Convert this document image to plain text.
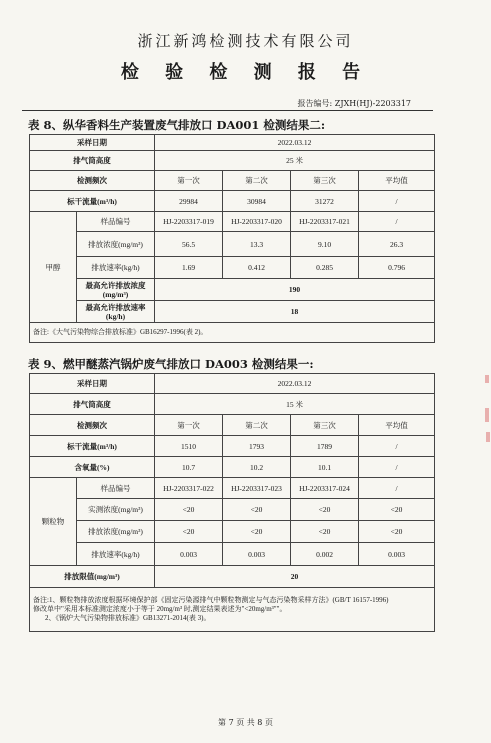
浙江新鸿检测技术有限公司
检 验 检 测 报 告
报告编号: ZJXH(HJ)-2203317
表 8、纵华香料生产装置废气排放口 DA001 检测结果二:
采样日期		2022.03.12			
排气筒高度		25 米			
检测频次		第一次	第二次	第三次	平均值
标干流量(m³/h)		29984	30984	31272	/
甲醇	样品编号	HJ-2203317-019	HJ-2203317-020	HJ-2203317-021	/
	排放浓度(mg/m³)	56.5	13.3	9.10	26.3
	排放速率(kg/h)	1.69	0.412	0.285	0.796

	最高允许排放浓度
(mg/m³)	190			

	最高允许排放速率
(kg/h)	18			
备注:《大气污染物综合排放标准》GB16297-1996(表 2)。					
表 9、燃甲醚蒸汽锅炉废气排放口 DA003 检测结果一:
采样日期		2022.03.12			
排气筒高度		15 米			
检测频次		第一次	第二次	第三次	平均值
标干流量(m³/h)		1510	1793	1789	/
含氧量(%)		10.7	10.2	10.1	/
颗粒物	样品编号	HJ-2203317-022	HJ-2203317-023	HJ-2203317-024	/
	实测浓度(mg/m³)	<20	<20	<20	<20
	排放浓度(mg/m³)	<20	<20	<20	<20
	排放速率(kg/h)	0.003	0.003	0.002	0.003
排放限值(mg/m³)		20			

备注:1、颗粒物排放浓度根据环境保护部《固定污染源排气中颗粒物测定与气态污染物采样方法》(GB/T 16157-1996)
修改单中"采用本标准测定浓度小于等于 20mg/m³ 时,测定结果表述为"<20mg/m³""。
2、《锅炉大气污染物排放标准》GB13271-2014(表 3)。					
第 7 页 共 8 页
